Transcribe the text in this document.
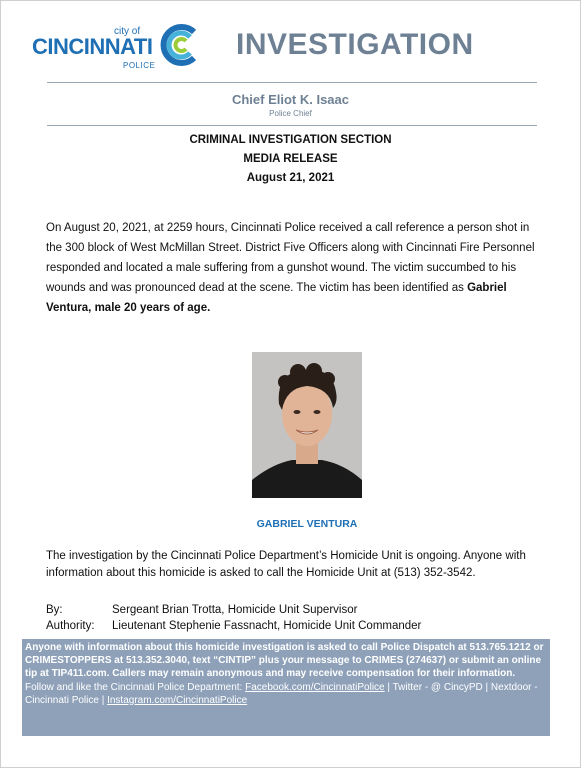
city of
CINCINNATI
POLICE
INVESTIGATION
Chief Eliot K. Isaac
Police Chief
CRIMINAL INVESTIGATION SECTION
MEDIA RELEASE
August 21, 2021
On August 20, 2021, at 2259 hours, Cincinnati Police received a call reference a person shot in the 300 block of West McMillan Street. District Five Officers along with Cincinnati Fire Personnel responded and located a male suffering from a gunshot wound. The victim succumbed to his wounds and was pronounced dead at the scene. The victim has been identified as Gabriel Ventura, male 20 years of age.
GABRIEL VENTURA
The investigation by the Cincinnati Police Department’s Homicide Unit is ongoing. Anyone with information about this homicide is asked to call the Homicide Unit at (513) 352-3542.
By:	Sergeant Brian Trotta, Homicide Unit Supervisor
Authority: Lieutenant Stephenie Fassnacht, Homicide Unit Commander
Anyone with information about this homicide investigation is asked to call Police Dispatch at 513.765.1212 or CRIMESTOPPERS at 513.352.3040, text “CINTIP” plus your message to CRIMES (274637) or submit an online tip at TIP411.com. Callers may remain anonymous and may receive compensation for their information.
Follow and like the Cincinnati Police Department: Facebook.com/CincinnatiPolice | Twitter - @ CincyPD | Nextdoor - Cincinnati Police | Instagram.com/CincinnatiPolice
